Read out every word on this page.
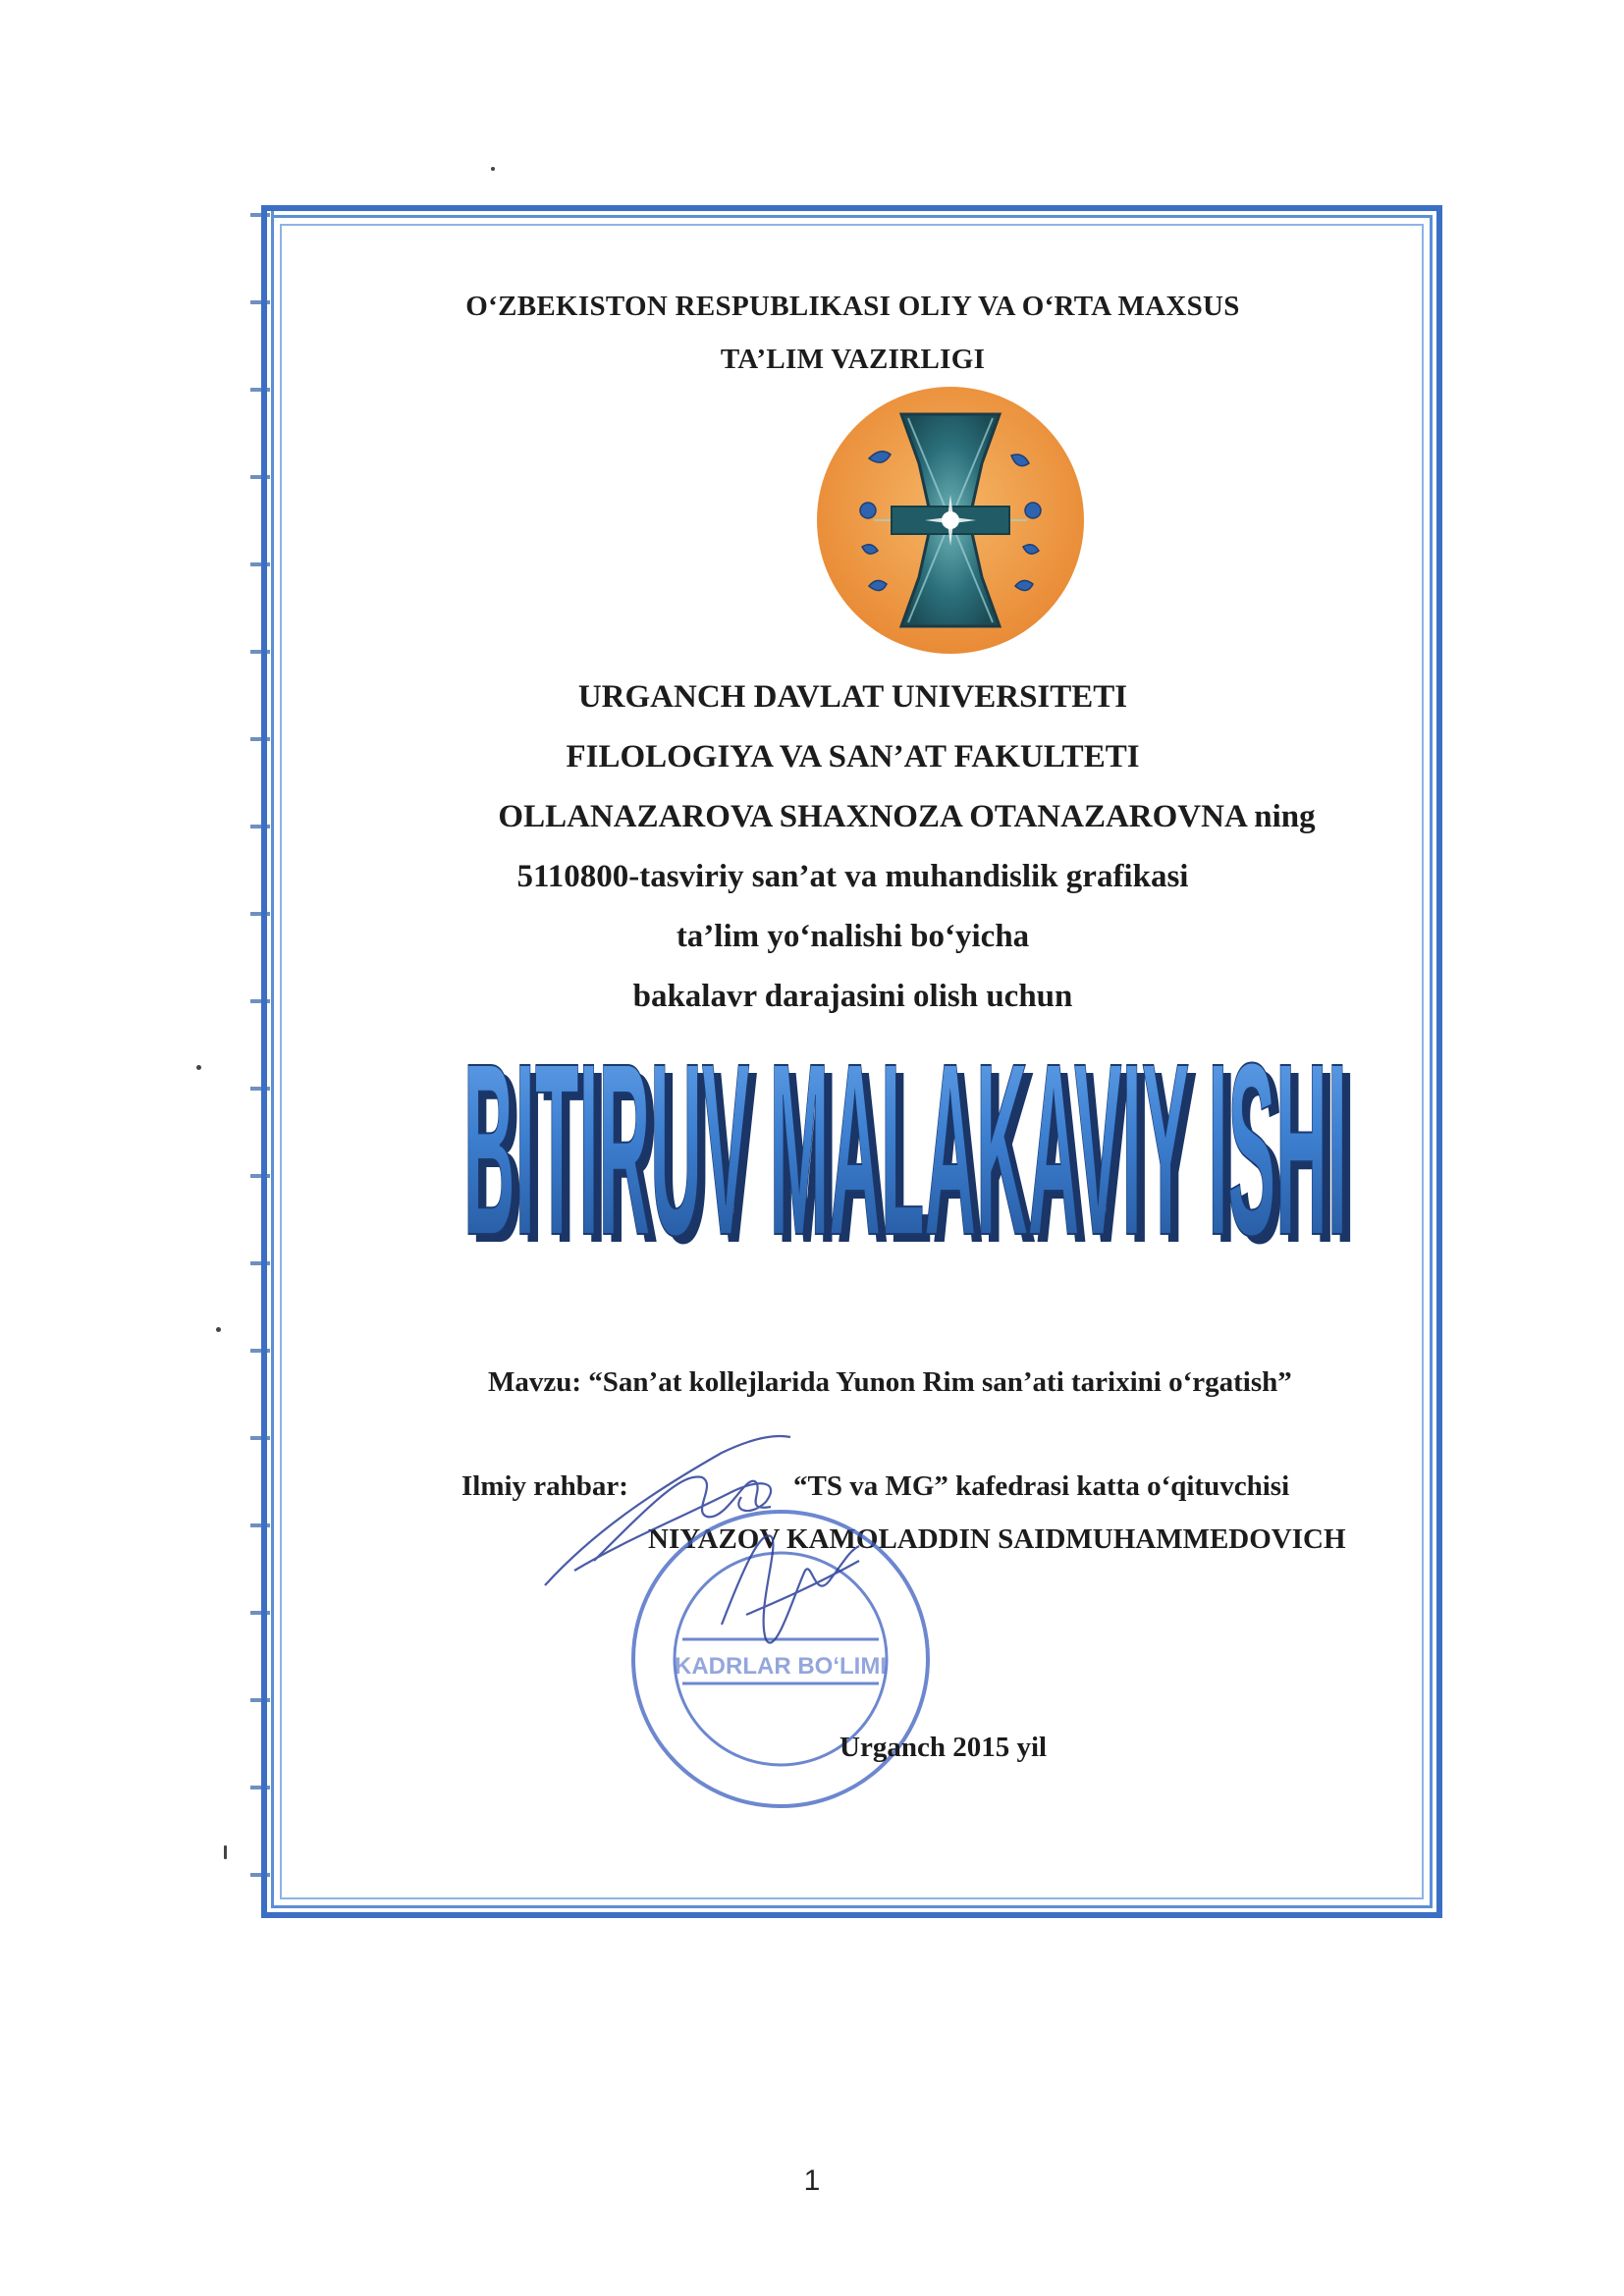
O‘ZBEKISTON RESPUBLIKASI OLIY VA O‘RTA MAXSUS
TA’LIM VAZIRLIGI
URGANCH DAVLAT UNIVERSITETI
FILOLOGIYA VA SAN’AT FAKULTETI
OLLANAZAROVA SHAXNOZA OTANAZAROVNA ning
5110800-tasviriy san’at va muhandislik grafikasi
ta’lim yo‘nalishi bo‘yicha
bakalavr darajasini olish uchun
BITIRUV MALAKAVIY ISHI
BITIRUV MALAKAVIY ISHI
Mavzu: “San’at kollejlarida Yunon Rim san’ati tarixini o‘rgatish”
Ilmiy rahbar:	“TS va MG” kafedrasi katta o‘qituvchisi
NIYAZOV KAMOLADDIN SAIDMUHAMMEDOVICH
KADRLAR BO‘LIMI
Urganch 2015 yil
1
